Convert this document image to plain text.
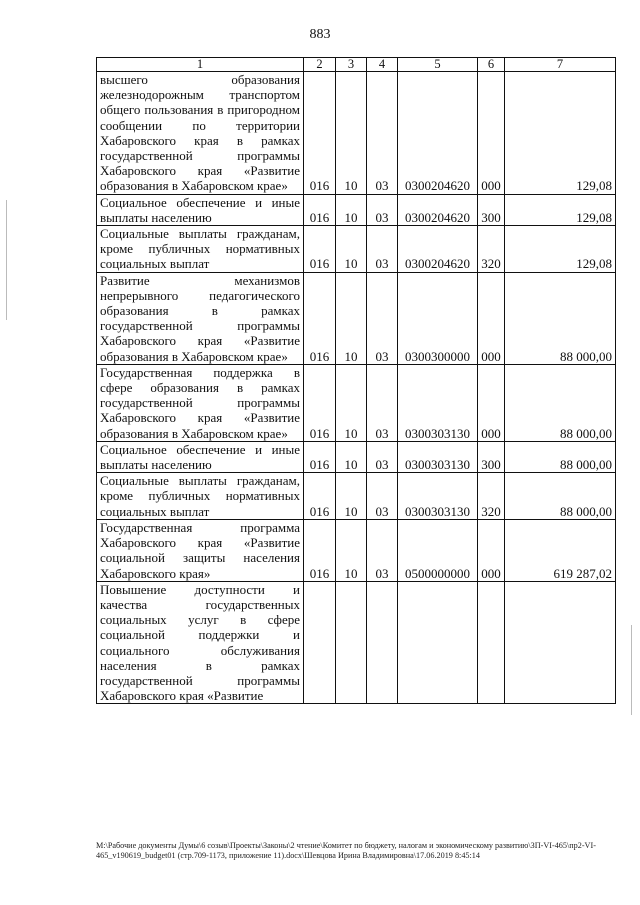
883
1	2	3	4	5	6	7
высшего образования железнодорожным транспортом общего пользования в пригородном сообщении по территории Хабаровского края в рамках государственной программы Хабаровского края «Развитие образования в Хабаровском крае»	016	10	03	0300204620	000	129,08
Социальное обеспечение и иные выплаты населению	016	10	03	0300204620	300	129,08
Социальные выплаты гражданам, кроме публичных нормативных социальных выплат	016	10	03	0300204620	320	129,08
Развитие механизмов непрерывного педагогического образования в рамках государственной программы Хабаровского края «Развитие образования в Хабаровском крае»	016	10	03	0300300000	000	88 000,00
Государственная поддержка в сфере образования в рамках государственной программы Хабаровского края «Развитие образования в Хабаровском крае»	016	10	03	0300303130	000	88 000,00
Социальное обеспечение и иные выплаты населению	016	10	03	0300303130	300	88 000,00
Социальные выплаты гражданам, кроме публичных нормативных социальных выплат	016	10	03	0300303130	320	88 000,00
Государственная программа Хабаровского края «Развитие социальной защиты населения Хабаровского края»	016	10	03	0500000000	000	619 287,02
Повышение доступности и качества государственных социальных услуг в сфере социальной поддержки и социального обслуживания населения в рамках государственной программы Хабаровского края «Развитие						
М:\Рабочие документы Думы\6 созыв\Проекты\Законы\2 чтение\Комитет по бюджету, налогам и экономическому развитию\ЗП-VI-465\пр2-VI-465_v190619_budget01 (стр.709-1173, приложение 11).docx\Шевцова Ирина Владимировна\17.06.2019 8:45:14
